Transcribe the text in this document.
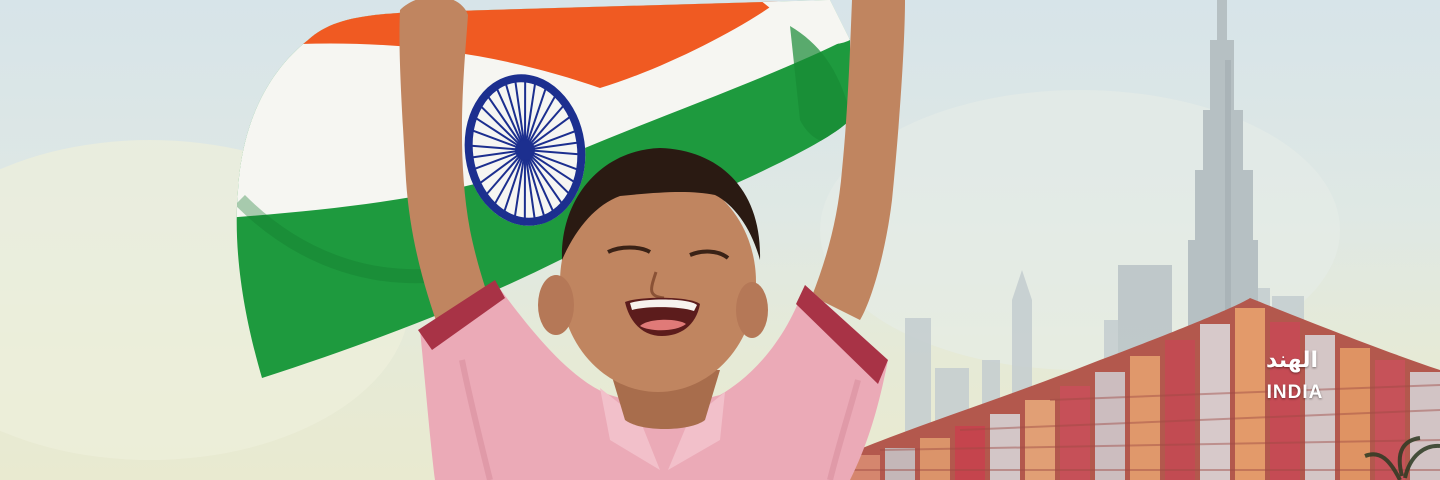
الهند
INDIA
